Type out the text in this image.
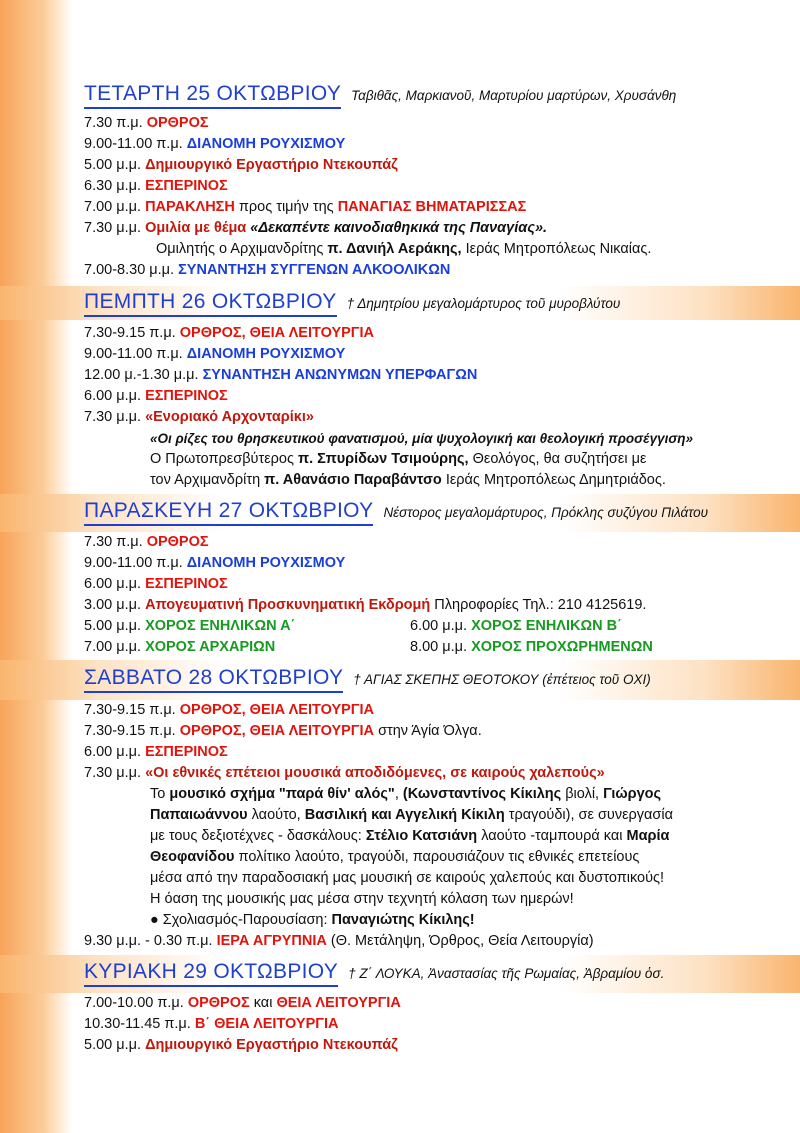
ΤΕΤΑΡΤΗ 25 ΟΚΤΩΒΡΙΟΥ Ταβιθᾶς, Μαρκιανοῦ, Μαρτυρίου μαρτύρων, Χρυσάνθη
7.30 π.μ. ΟΡΘΡΟΣ
9.00-11.00 π.μ. ΔΙΑΝΟΜΗ ΡΟΥΧΙΣΜΟΥ
5.00 μ.μ. Δημιουργικό Εργαστήριο Ντεκουπάζ
6.30 μ.μ. ΕΣΠΕΡΙΝΟΣ
7.00 μ.μ. ΠΑΡΑΚΛΗΣΗ προς τιμήν της ΠΑΝΑΓΙΑΣ ΒΗΜΑΤΑΡΙΣΣΑΣ
7.30 μ.μ. Ομιλία με θέμα «Δεκαπέντε καινοδιαθηκικά της Παναγίας».
Ομιλητής ο Αρχιμανδρίτης π. Δανιήλ Αεράκης, Ιεράς Μητροπόλεως Νικαίας.
7.00-8.30 μ.μ. ΣΥΝΑΝΤΗΣΗ ΣΥΓΓΕΝΩΝ ΑΛΚΟΟΛΙΚΩΝ
ΠΕΜΠΤΗ 26 ΟΚΤΩΒΡΙΟΥ † Δημητρίου μεγαλομάρτυρος τοῦ μυροβλύτου
7.30-9.15 π.μ. ΟΡΘΡΟΣ, ΘΕΙΑ ΛΕΙΤΟΥΡΓΙΑ
9.00-11.00 π.μ. ΔΙΑΝΟΜΗ ΡΟΥΧΙΣΜΟΥ
12.00 μ.-1.30 μ.μ. ΣΥΝΑΝΤΗΣΗ ΑΝΩΝΥΜΩΝ ΥΠΕΡΦΑΓΩΝ
6.00 μ.μ. ΕΣΠΕΡΙΝΟΣ
7.30 μ.μ. «Ενοριακό Αρχονταρίκι»
«Οι ρίζες του θρησκευτικού φανατισμού, μία ψυχολογική και θεολογική προσέγγιση»
Ο Πρωτοπρεσβύτερος π. Σπυρίδων Τσιμούρης, Θεολόγος, θα συζητήσει με
τον Αρχιμανδρίτη π. Αθανάσιο Παραβάντσο Ιεράς Μητροπόλεως Δημητριάδος.
ΠΑΡΑΣΚΕΥΗ 27 ΟΚΤΩΒΡΙΟΥ Νέστορος μεγαλομάρτυρος, Πρόκλης συζύγου Πιλάτου
7.30 π.μ. ΟΡΘΡΟΣ
9.00-11.00 π.μ. ΔΙΑΝΟΜΗ ΡΟΥΧΙΣΜΟΥ
6.00 μ.μ. ΕΣΠΕΡΙΝΟΣ
3.00 μ.μ. Απογευματινή Προσκυνηματική Εκδρομή Πληροφορίες Τηλ.: 210 4125619.
5.00 μ.μ. ΧΟΡΟΣ ΕΝΗΛΙΚΩΝ Α΄	6.00 μ.μ. ΧΟΡΟΣ ΕΝΗΛΙΚΩΝ Β΄
7.00 μ.μ. ΧΟΡΟΣ ΑΡΧΑΡΙΩΝ	8.00 μ.μ. ΧΟΡΟΣ ΠΡΟΧΩΡΗΜΕΝΩΝ
ΣΑΒΒΑΤΟ 28 ΟΚΤΩΒΡΙΟΥ † ΑΓΙΑΣ ΣΚΕΠΗΣ ΘΕΟΤΟΚΟΥ (ἐπέτειος τοῦ ΟΧΙ)
7.30-9.15 π.μ. ΟΡΘΡΟΣ, ΘΕΙΑ ΛΕΙΤΟΥΡΓΙΑ
7.30-9.15 π.μ. ΟΡΘΡΟΣ, ΘΕΙΑ ΛΕΙΤΟΥΡΓΙΑ στην Άγία Όλγα.
6.00 μ.μ. ΕΣΠΕΡΙΝΟΣ
7.30 μ.μ. «Οι εθνικές επέτειοι μουσικά αποδιδόμενες, σε καιρούς χαλεπούς»
Το μουσικό σχήμα "παρά θίν' αλός", (Κωνσταντίνος Κίκιλης βιολί, Γιώργος
Παπαιωάννου λαούτο, Βασιλική και Αγγελική Κίκιλη τραγούδι), σε συνεργασία
με τους δεξιοτέχνες - δασκάλους: Στέλιο Κατσιάνη λαούτο -ταμπουρά και Μαρία
Θεοφανίδου πολίτικο λαούτο, τραγούδι, παρουσιάζουν τις εθνικές επετείους
μέσα από την παραδοσιακή μας μουσική σε καιρούς χαλεπούς και δυστοπικούς!
Η όαση της μουσικής μας μέσα στην τεχνητή κόλαση των ημερών!
● Σχολιασμός-Παρουσίαση: Παναγιώτης Κίκιλης!
9.30 μ.μ. - 0.30 π.μ. ΙΕΡΑ ΑΓΡΥΠΝΙΑ (Θ. Μετάληψη, Όρθρος, Θεία Λειτουργία)
ΚΥΡΙΑΚΗ 29 ΟΚΤΩΒΡΙΟΥ † Ζ΄ ΛΟΥΚΑ, Ἀναστασίας τῆς Ρωμαίας, Ἀβραμίου ὁσ.
7.00-10.00 π.μ. ΟΡΘΡΟΣ και ΘΕΙΑ ΛΕΙΤΟΥΡΓΙΑ
10.30-11.45 π.μ. Β΄ ΘΕΙΑ ΛΕΙΤΟΥΡΓΙΑ
5.00 μ.μ. Δημιουργικό Εργαστήριο Ντεκουπάζ
